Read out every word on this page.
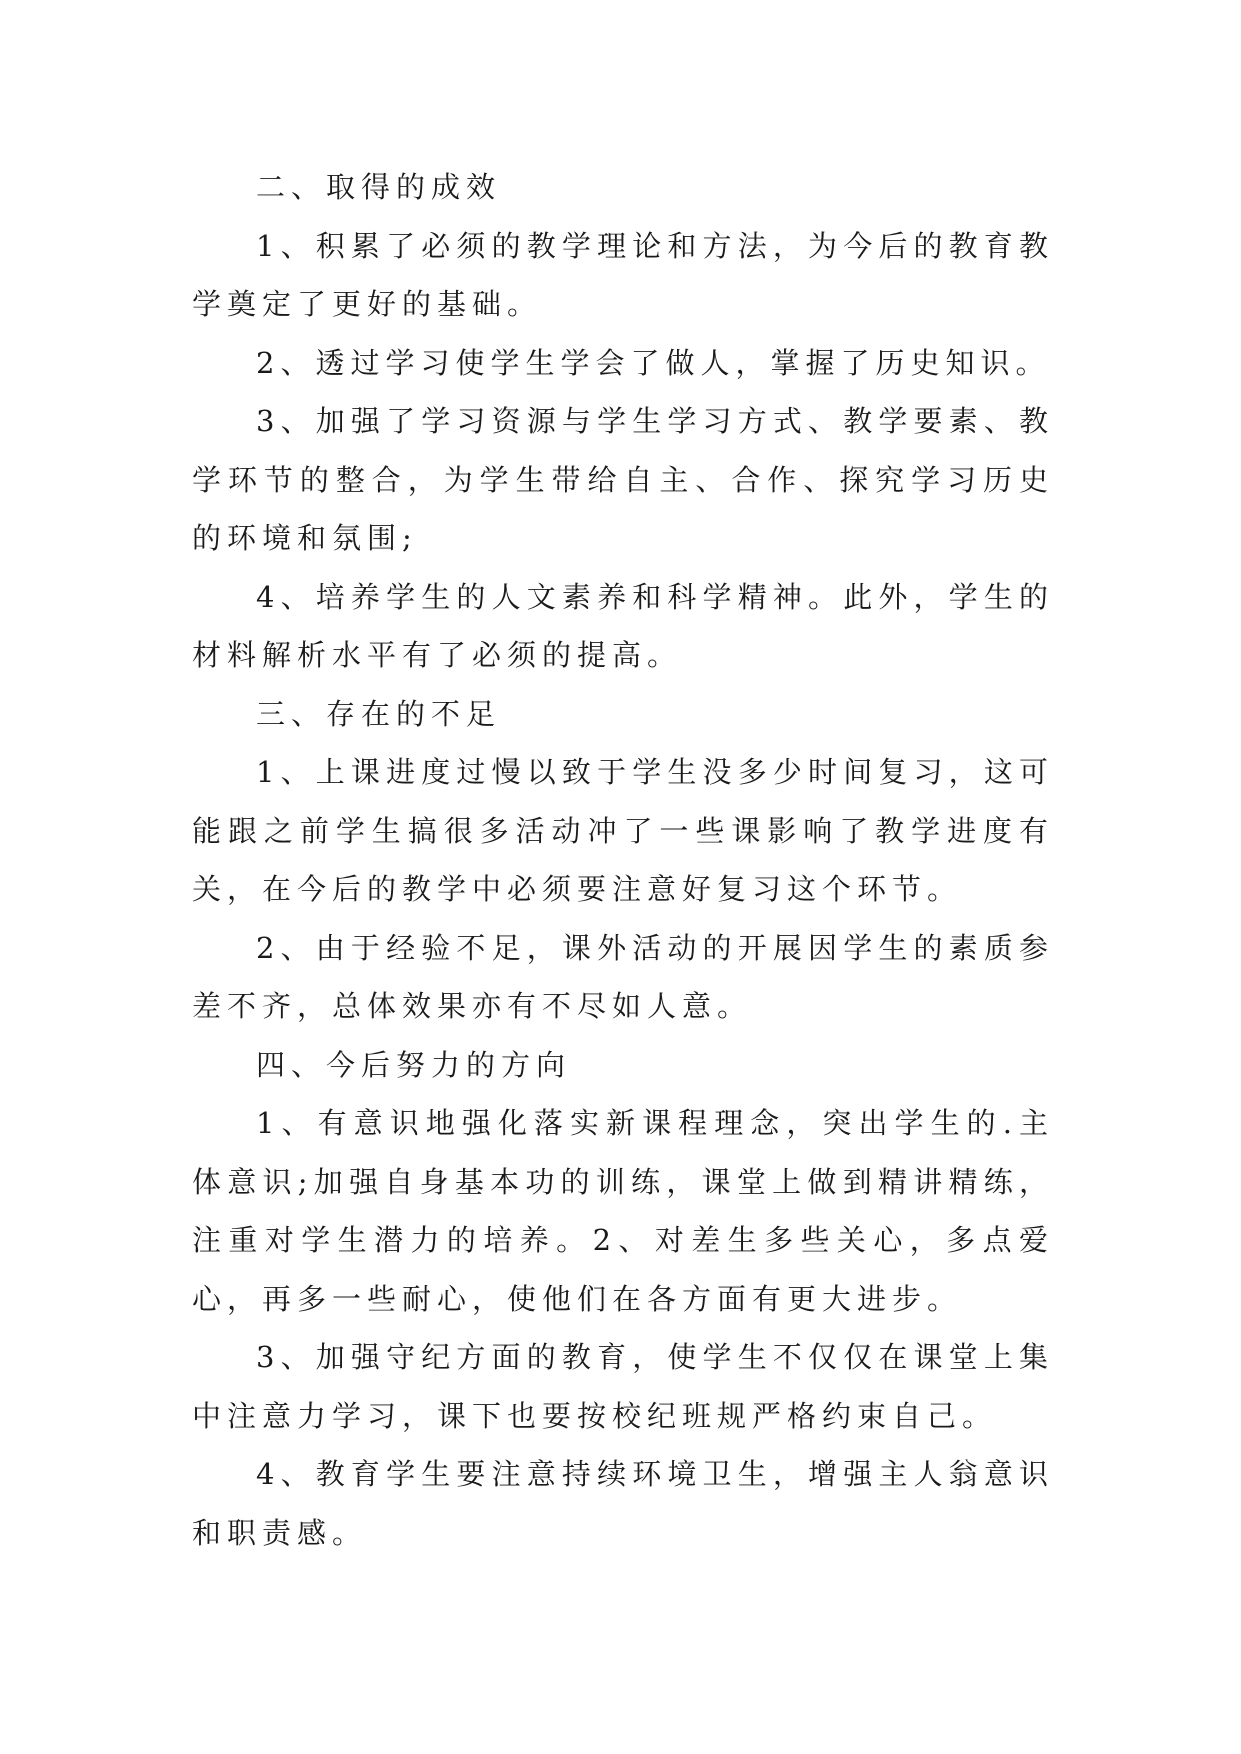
二、取得的成效

1、积累了必须的教学理论和方法，为今后的教育教学奠定了更好的基础。

2、透过学习使学生学会了做人，掌握了历史知识。

3、加强了学习资源与学生学习方式、教学要素、教学环节的整合，为学生带给自主、合作、探究学习历史的环境和氛围;

4、培养学生的人文素养和科学精神。此外，学生的材料解析水平有了必须的提高。

三、存在的不足

1、上课进度过慢以致于学生没多少时间复习，这可能跟之前学生搞很多活动冲了一些课影响了教学进度有关，在今后的教学中必须要注意好复习这个环节。

2、由于经验不足，课外活动的开展因学生的素质参差不齐，总体效果亦有不尽如人意。

四、今后努力的方向

1、有意识地强化落实新课程理念，突出学生的.主体意识;加强自身基本功的训练，课堂上做到精讲精练，注重对学生潜力的培养。2、对差生多些关心，多点爱心，再多一些耐心，使他们在各方面有更大进步。

3、加强守纪方面的教育，使学生不仅仅在课堂上集中注意力学习，课下也要按校纪班规严格约束自己。

4、教育学生要注意持续环境卫生，增强主人翁意识和职责感。
